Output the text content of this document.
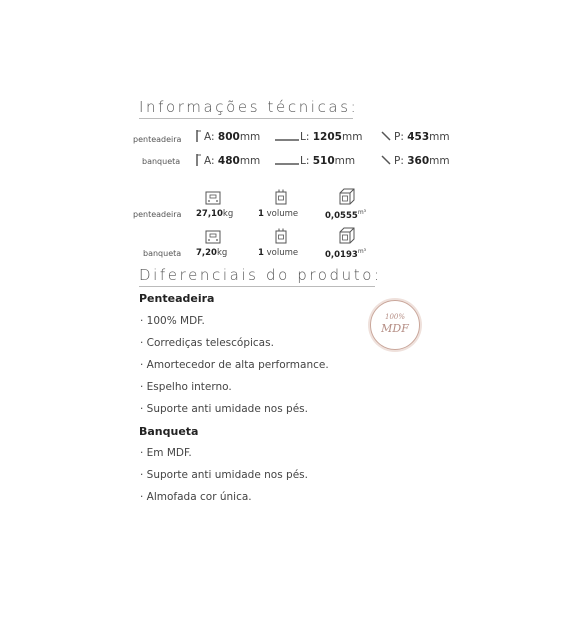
Informações técnicas:
penteadeira A: 800mm	L: 1205mm	P: 453mm
banqueta A: 480mm	L: 510mm	P: 360mm
penteadeira 27,10kg	1 volume	$0,0555^{m^3}$
banqueta 7,20kg	1 volume	$0,0193^{m^3}$
Diferenciais do produto:
100%
MDF
Penteadeira
· 100% MDF.
· Corrediças telescópicas.
· Amortecedor de alta performance.
· Espelho interno.
· Suporte anti umidade nos pés.
Banqueta
· Em MDF.
· Suporte anti umidade nos pés.
· Almofada cor única.
